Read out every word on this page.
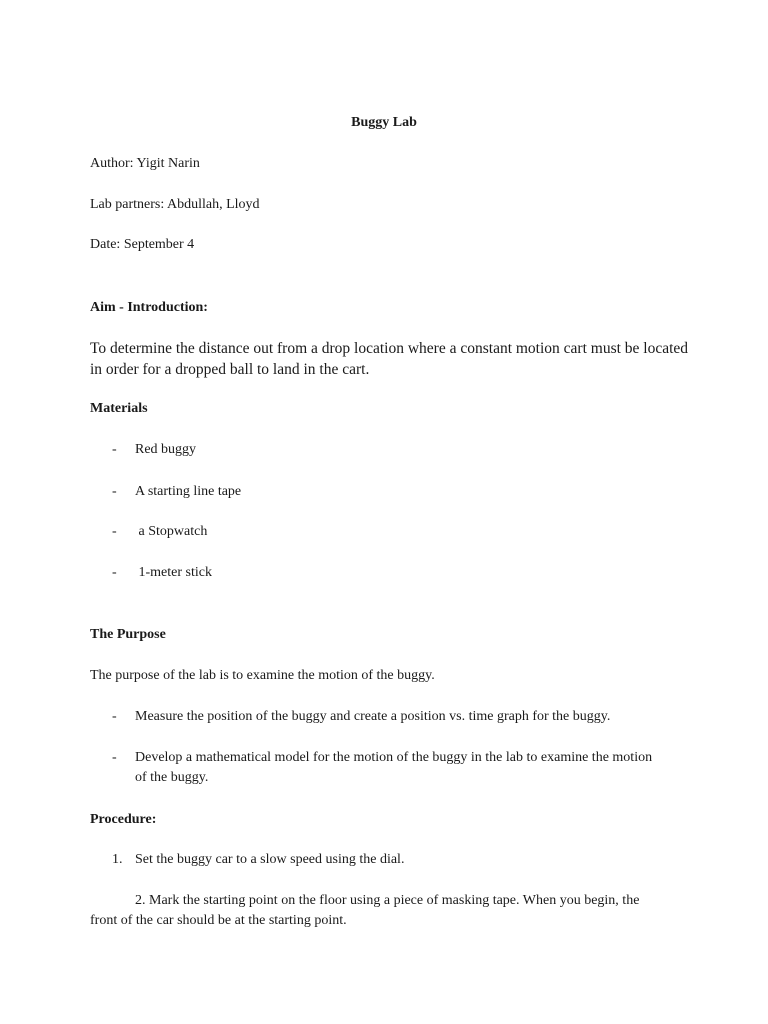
Buggy Lab
Author: Yigit Narin
Lab partners: Abdullah, Lloyd
Date: September 4
Aim - Introduction:
To determine the distance out from a drop location where a constant motion cart must be located in order for a dropped ball to land in the cart.
Materials
- Red buggy
- A starting line tape
- a Stopwatch
- 1-meter stick
The Purpose
The purpose of the lab is to examine the motion of the buggy.
- Measure the position of the buggy and create a position vs. time graph for the buggy.
- Develop a mathematical model for the motion of the buggy in the lab to examine the motion of the buggy.
Procedure:
1. Set the buggy car to a slow speed using the dial.
2. Mark the starting point on the floor using a piece of masking tape. When you begin, the front of the car should be at the starting point.
